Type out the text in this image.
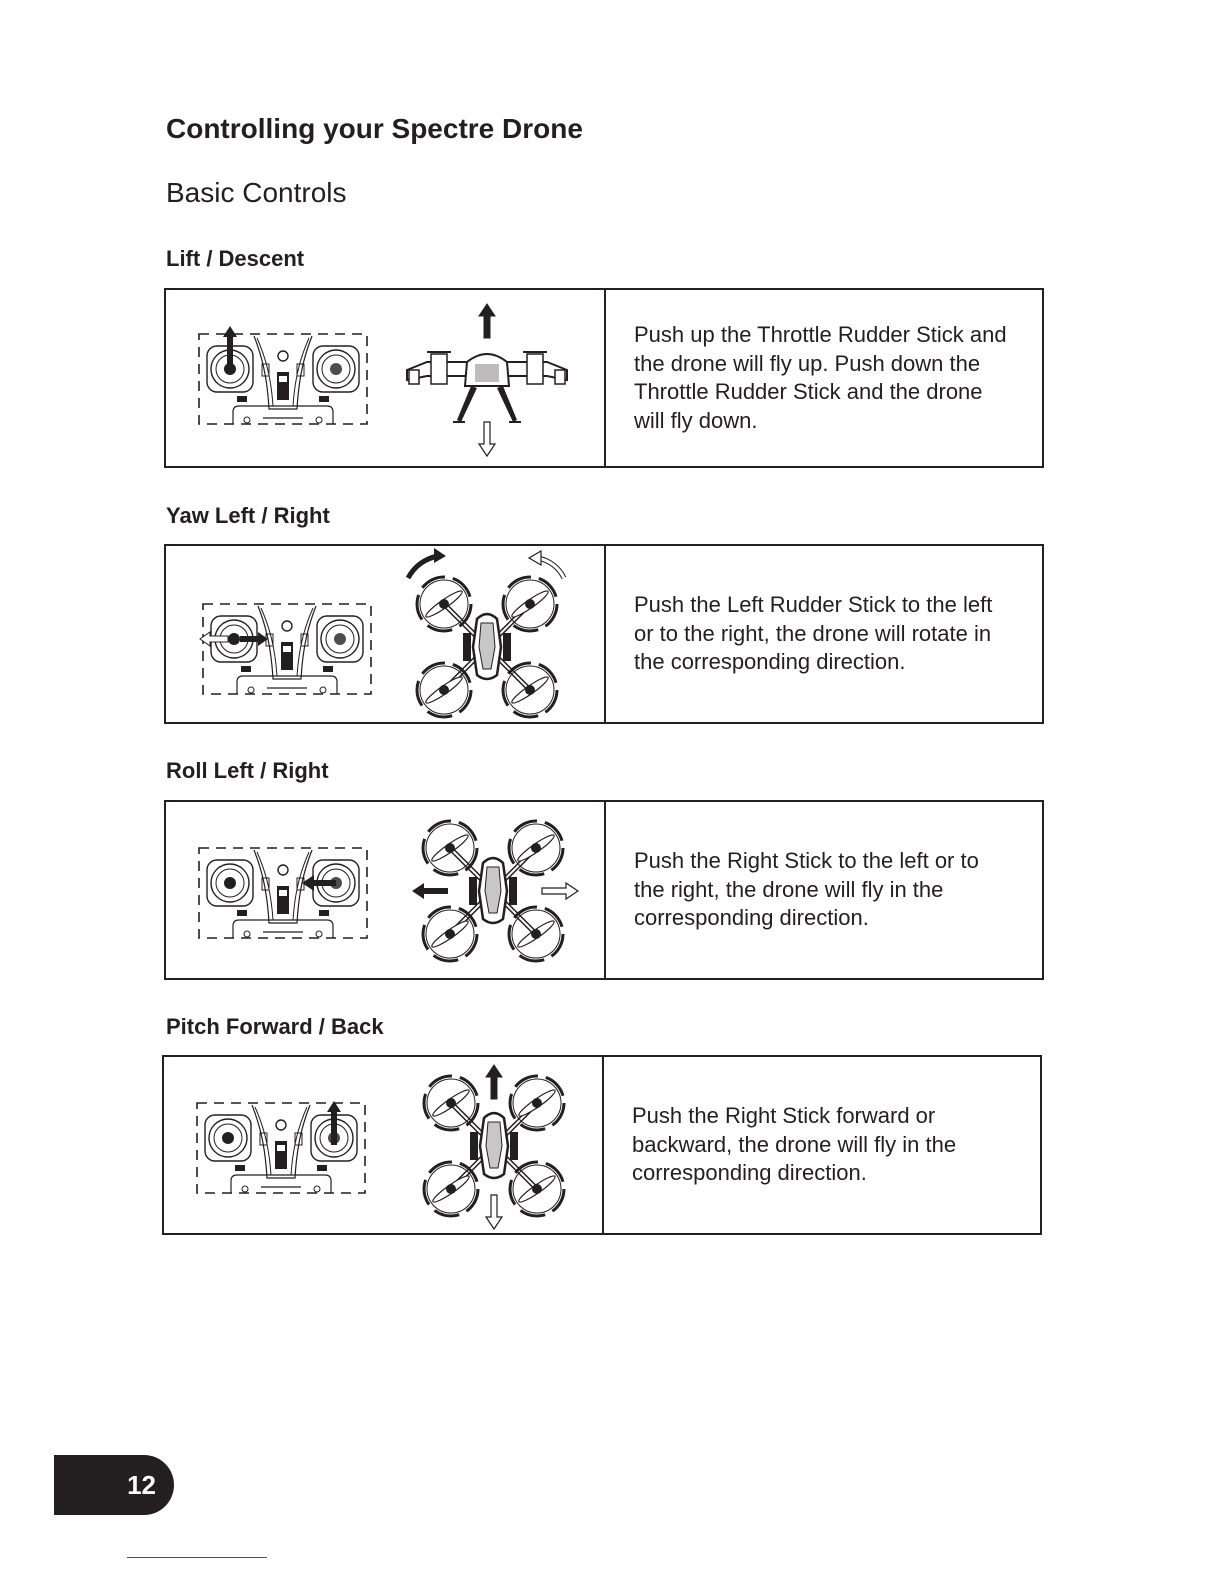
Controlling your Spectre Drone
Basic Controls
Lift / Descent

Push up the Throttle Rudder Stick and the drone will fly up. Push down the Throttle Rudder Stick and the drone will fly down.

Yaw Left / Right

Push the Left Rudder Stick to the left or to the right, the drone will rotate in the corresponding direction.

Roll Left / Right

Push the Right Stick to the left or to the right, the drone will fly in the corresponding direction.

Pitch Forward / Back

Push the Right Stick forward or backward, the drone will fly in the corresponding direction.

12
